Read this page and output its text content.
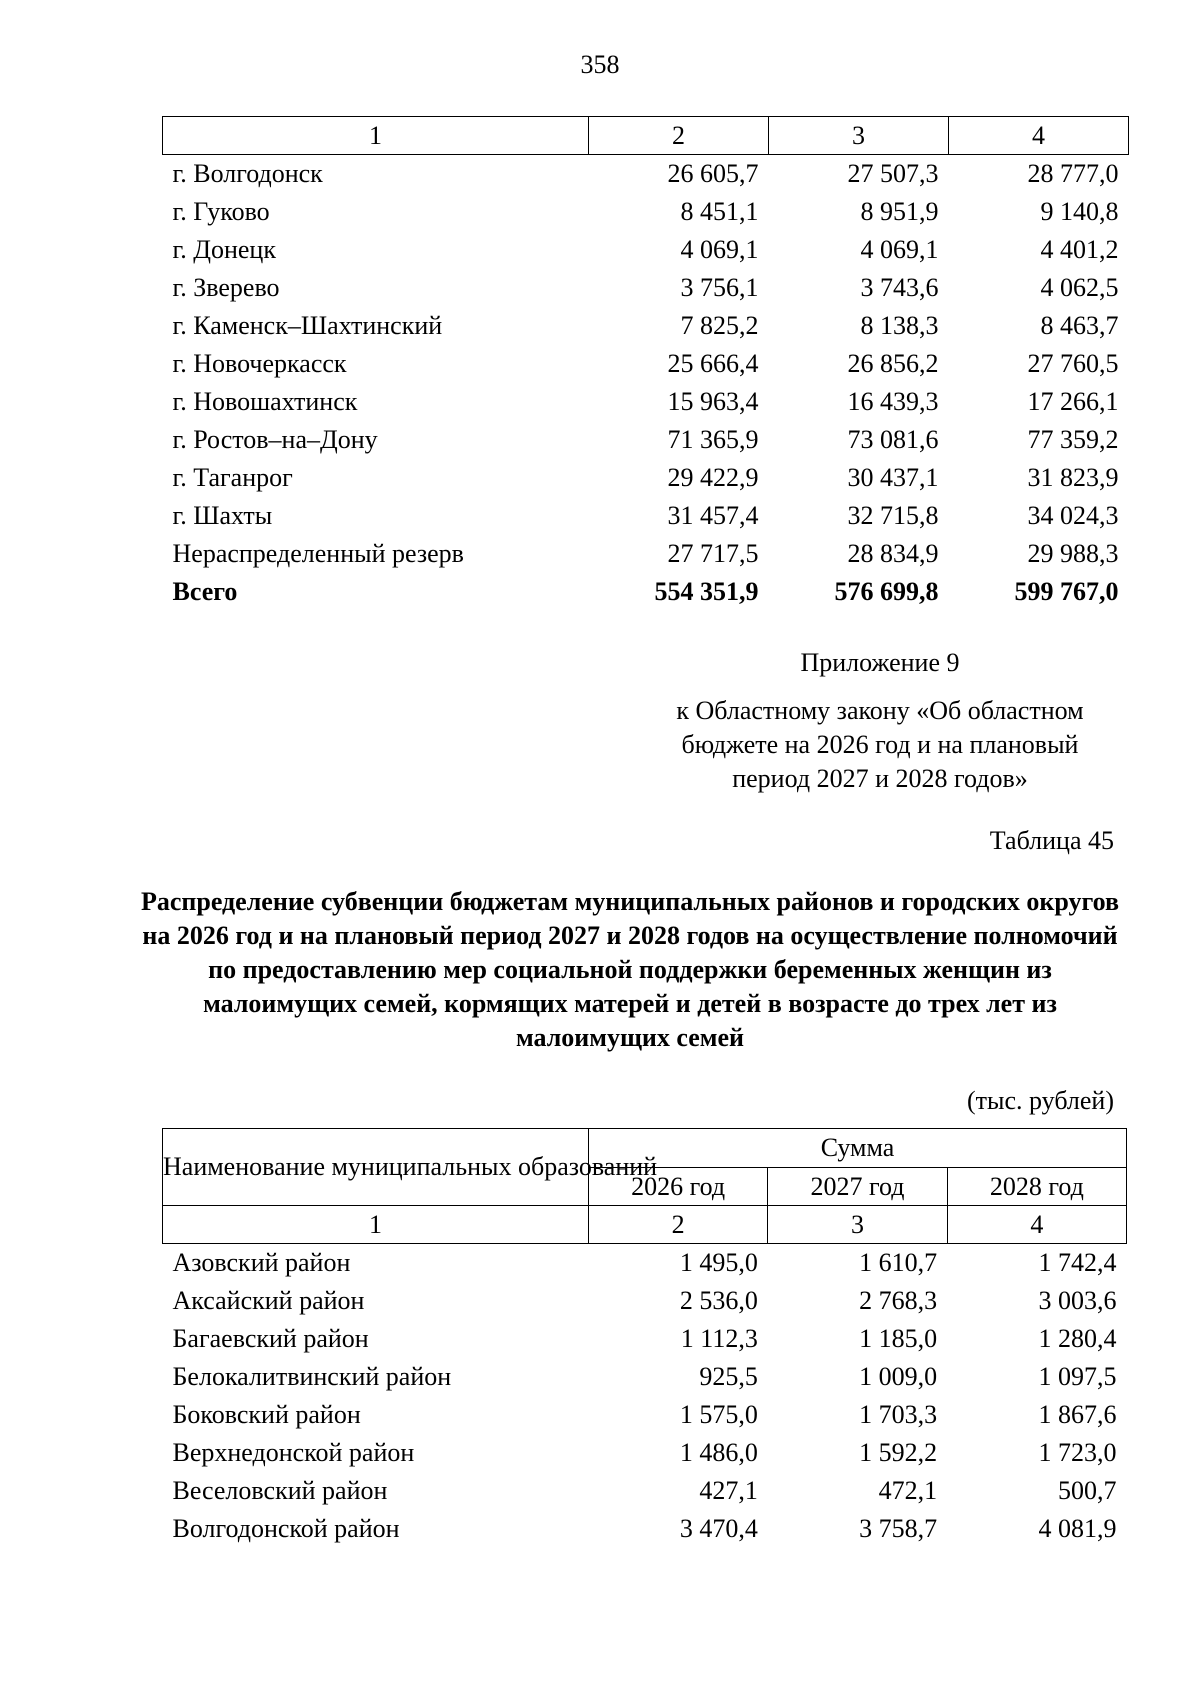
358
1	2	3	4
г. Волгодонск	26 605,7	27 507,3	28 777,0
г. Гуково	8 451,1	8 951,9	9 140,8
г. Донецк	4 069,1	4 069,1	4 401,2
г. Зверево	3 756,1	3 743,6	4 062,5
г. Каменск–Шахтинский	7 825,2	8 138,3	8 463,7
г. Новочеркасск	25 666,4	26 856,2	27 760,5
г. Новошахтинск	15 963,4	16 439,3	17 266,1
г. Ростов–на–Дону	71 365,9	73 081,6	77 359,2
г. Таганрог	29 422,9	30 437,1	31 823,9
г. Шахты	31 457,4	32 715,8	34 024,3
Нераспределенный резерв	27 717,5	28 834,9	29 988,3
Всего	554 351,9	576 699,8	599 767,0
Приложение 9
к Областному закону «Об областном бюджете на 2026 год и на плановый период 2027 и 2028 годов»
Таблица 45
Распределение субвенции бюджетам муниципальных районов и городских округов на 2026 год и на плановый период 2027 и 2028 годов на осуществление полномочий по предоставлению мер социальной поддержки беременных женщин из малоимущих семей, кормящих матерей и детей в возрасте до трех лет из малоимущих семей
(тыс. рублей)
Наименование муниципальных образований	Сумма		
	2026 год	2027 год	2028 год
1	2	3	4
Азовский район	1 495,0	1 610,7	1 742,4
Аксайский район	2 536,0	2 768,3	3 003,6
Багаевский район	1 112,3	1 185,0	1 280,4
Белокалитвинский район	925,5	1 009,0	1 097,5
Боковский район	1 575,0	1 703,3	1 867,6
Верхнедонской район	1 486,0	1 592,2	1 723,0
Веселовский район	427,1	472,1	500,7
Волгодонской район	3 470,4	3 758,7	4 081,9
